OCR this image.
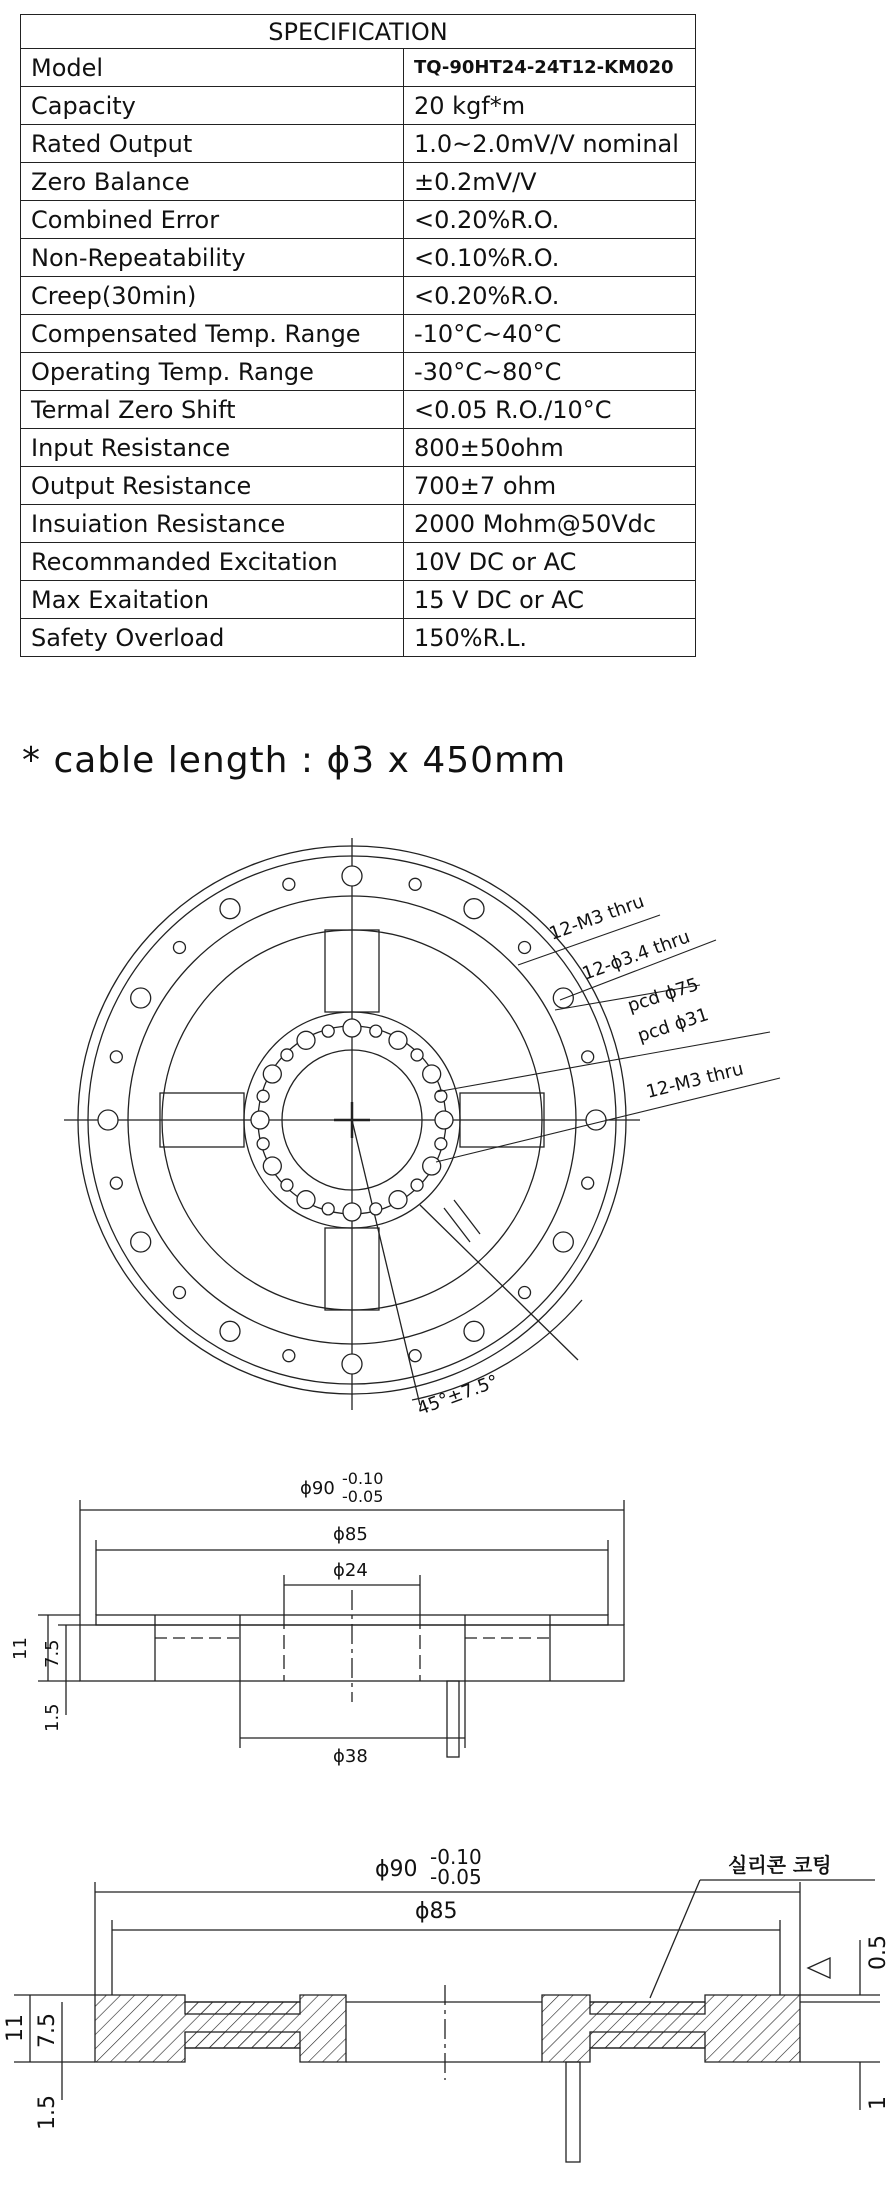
SPECIFICATION	
Model	TQ-90HT24-24T12-KM020
Capacity	20 kgf*m
Rated Output	1.0~2.0mV/V nominal
Zero Balance	±0.2mV/V
Combined Error	<0.20%R.O.
Non-Repeatability	<0.10%R.O.
Creep(30min)	<0.20%R.O.
Compensated Temp. Range	-10°C~40°C
Operating Temp. Range	-30°C~80°C
Termal Zero Shift	<0.05 R.O./10°C
Input Resistance	800±50ohm
Output Resistance	700±7 ohm
Insuiation Resistance	2000 Mohm@50Vdc
Recommanded Excitation	10V DC or AC
Max Exaitation	15 V DC or AC
Safety Overload	150%R.L.
* cable length : ϕ3 x 450mm
12-M3 thru
12-ϕ3.4 thru
pcd ϕ75
pcd ϕ31
12-M3 thru
45°±7.5°
ϕ90 -0.10
-0.05
ϕ85
ϕ24
ϕ38
11 7.5
1.5
실리콘 코팅
ϕ90 -0.10
-0.05
ϕ85
11 7.5
1.5
0.5
1
